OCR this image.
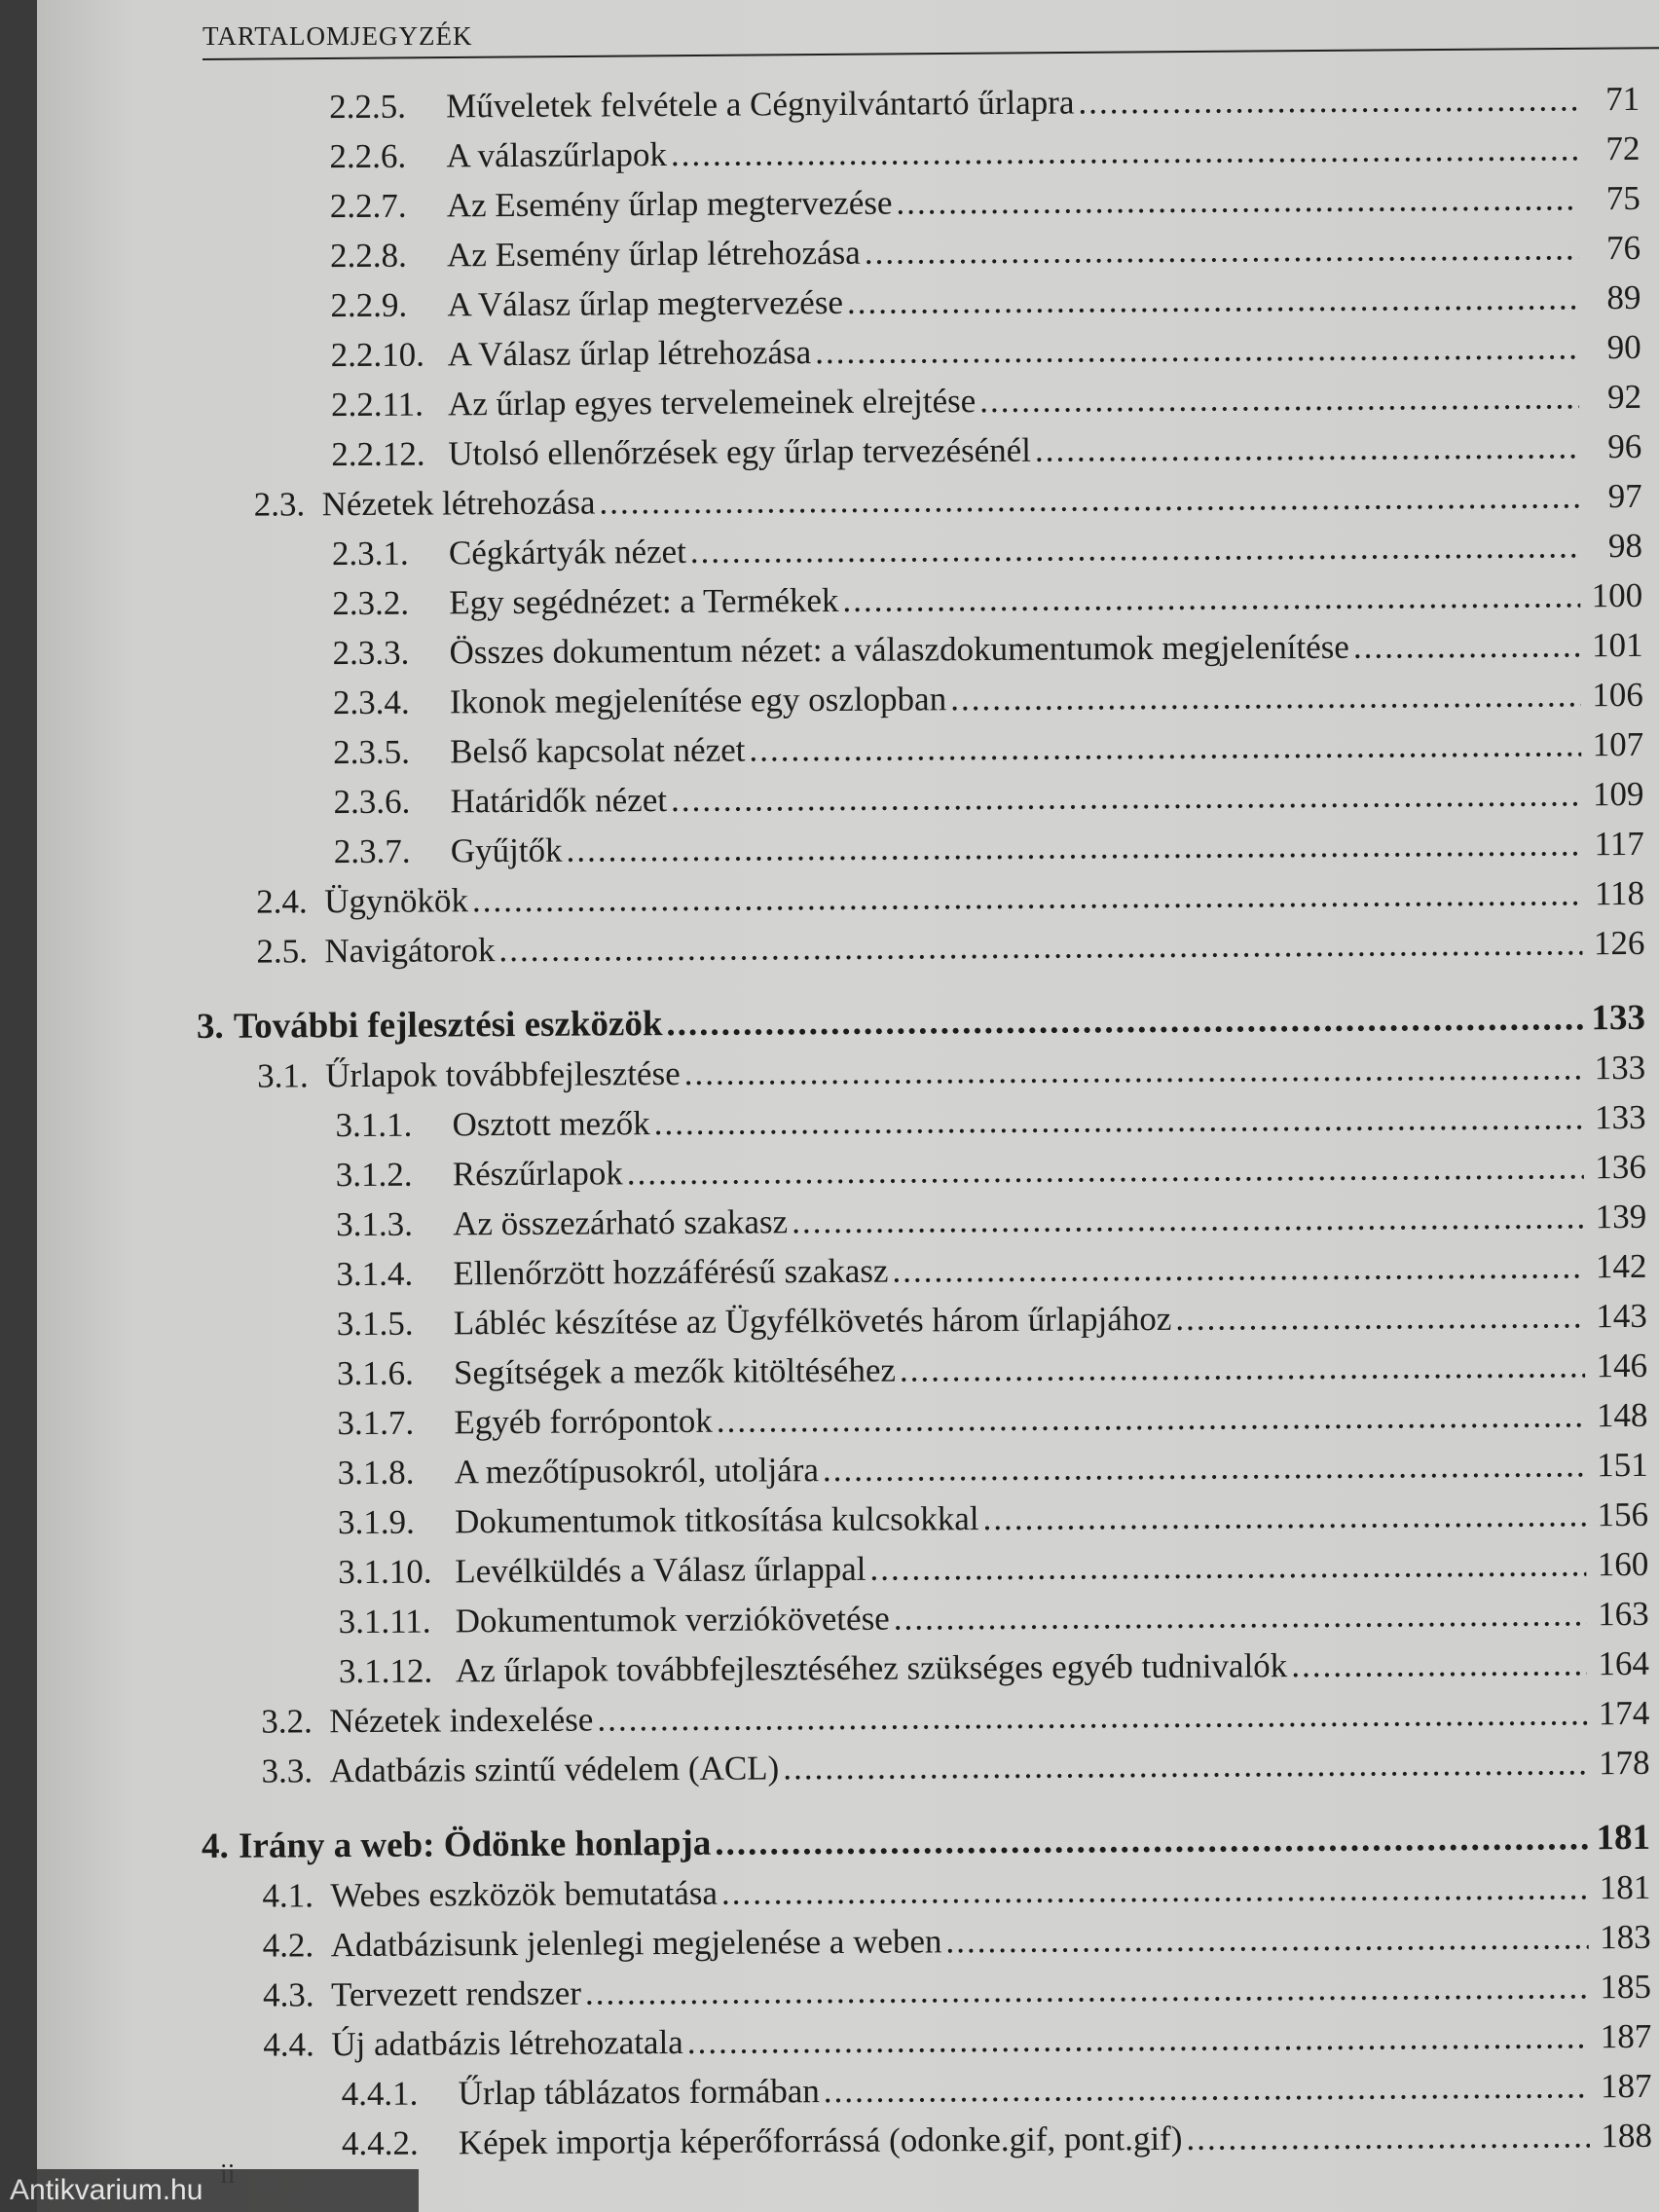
TARTALOMJEGYZÉK
2.2.5.	Műveletek felvétele a Cégnyilvántartó űrlapra .....	71
2.2.6.	A válaszűrlapok .....	72
2.2.7.	Az Esemény űrlap megtervezése .....	75
2.2.8.	Az Esemény űrlap létrehozása .....	76
2.2.9.	A Válasz űrlap megtervezése .....	89
2.2.10. A Válasz űrlap létrehozása .....	90
2.2.11. Az űrlap egyes tervelemeinek elrejtése .....	92
2.2.12. Utolsó ellenőrzések egy űrlap tervezésénél .....	96
2.3. Nézetek létrehozása .....	97
2.3.1.	Cégkártyák nézet .....	98
2.3.2.	Egy segédnézet: a Termékek .....	100
2.3.3.	Összes dokumentum nézet: a válaszdokumentumok megjelenítése .....	101
2.3.4.	Ikonok megjelenítése egy oszlopban .....	106
2.3.5.	Belső kapcsolat nézet .....	107
2.3.6.	Határidők nézet .....	109
2.3.7.	Gyűjtők .....	117
2.4. Ügynökök .....	118
2.5. Navigátorok .....	126
3. További fejlesztési eszközök .....	133
3.1. Űrlapok továbbfejlesztése .....	133
3.1.1.	Osztott mezők .....	133
3.1.2.	Részűrlapok .....	136
3.1.3.	Az összezárható szakasz .....	139
3.1.4.	Ellenőrzött hozzáférésű szakasz .....	142
3.1.5.	Lábléc készítése az Ügyfélkövetés három űrlapjához .....	143
3.1.6.	Segítségek a mezők kitöltéséhez .....	146
3.1.7.	Egyéb forrópontok .....	148
3.1.8.	A mezőtípusokról, utoljára .....	151
3.1.9.	Dokumentumok titkosítása kulcsokkal .....	156
3.1.10. Levélküldés a Válasz űrlappal .....	160
3.1.11. Dokumentumok verziókövetése .....	163
3.1.12. Az űrlapok továbbfejlesztéséhez szükséges egyéb tudnivalók .....	164
3.2. Nézetek indexelése .....	174
3.3. Adatbázis szintű védelem (ACL) .....	178
4. Irány a web: Ödönke honlapja .....	181
4.1. Webes eszközök bemutatása .....	181
4.2. Adatbázisunk jelenlegi megjelenése a weben .....	183
4.3. Tervezett rendszer .....	185
4.4. Új adatbázis létrehozatala .....	187
4.4.1.	Űrlap táblázatos formában .....	187
4.4.2.	Képek importja képerőforrássá (odonke.gif, pont.gif) .....	188
Antikvarium.hu
